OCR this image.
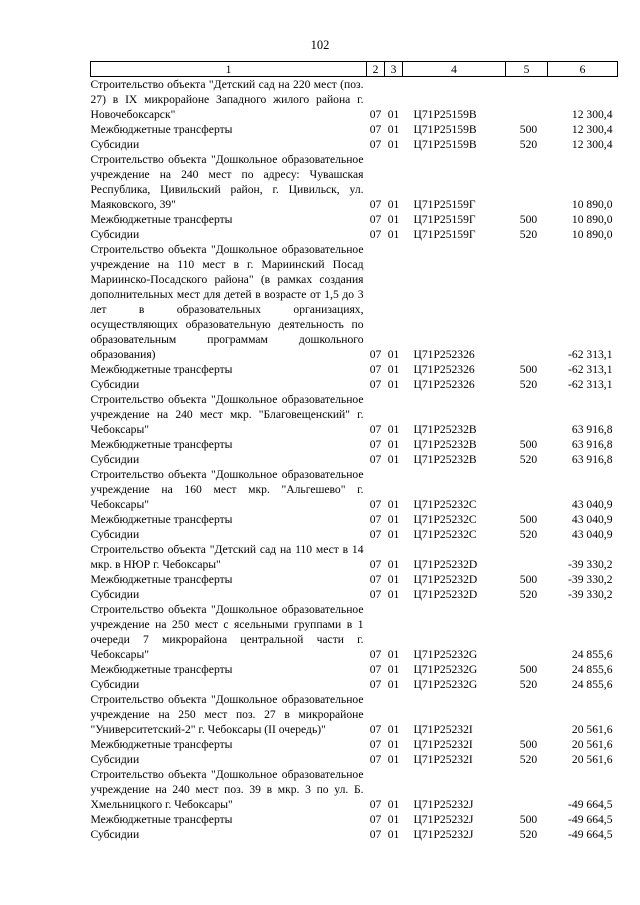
102
1	2	3	4	5	6
Строительство объекта "Детский сад на 220 мест (поз. 27) в IX микрорайоне Западного жилого района г. Новочебоксарск"	07	01	Ц71Р25159В		12 300,4
Межбюджетные трансферты	07	01	Ц71Р25159В	500	12 300,4
Субсидии	07	01	Ц71Р25159В	520	12 300,4
Строительство объекта "Дошкольное образовательное учреждение на 240 мест по адресу: Чувашская Республика, Цивильский район, г. Цивильск, ул. Маяковского, 39"	07	01	Ц71Р25159Г		10 890,0
Межбюджетные трансферты	07	01	Ц71Р25159Г	500	10 890,0
Субсидии	07	01	Ц71Р25159Г	520	10 890,0
Строительство объекта "Дошкольное образовательное учреждение на 110 мест в г. Мариинский Посад Мариинско-Посадского района" (в рамках создания дополнительных мест для детей в возрасте от 1,5 до 3 лет в образовательных организациях, осуществляющих образовательную деятельность по образовательным программам дошкольного образования)	07	01	Ц71Р252326		-62 313,1
Межбюджетные трансферты	07	01	Ц71Р252326	500	-62 313,1
Субсидии	07	01	Ц71Р252326	520	-62 313,1
Строительство объекта "Дошкольное образовательное учреждение на 240 мест мкр. "Благовещенский" г. Чебоксары"	07	01	Ц71Р25232В		63 916,8
Межбюджетные трансферты	07	01	Ц71Р25232В	500	63 916,8
Субсидии	07	01	Ц71Р25232В	520	63 916,8
Строительство объекта "Дошкольное образовательное учреждение на 160 мест мкр. "Альгешево" г. Чебоксары"	07	01	Ц71Р25232С		43 040,9
Межбюджетные трансферты	07	01	Ц71Р25232С	500	43 040,9
Субсидии	07	01	Ц71Р25232С	520	43 040,9
Строительство объекта "Детский сад на 110 мест в 14 мкр. в НЮР г. Чебоксары"	07	01	Ц71Р25232D		-39 330,2
Межбюджетные трансферты	07	01	Ц71Р25232D	500	-39 330,2
Субсидии	07	01	Ц71Р25232D	520	-39 330,2
Строительство объекта "Дошкольное образовательное учреждение на 250 мест с ясельными группами в 1 очереди 7 микрорайона центральной части г. Чебоксары"	07	01	Ц71Р25232G		24 855,6
Межбюджетные трансферты	07	01	Ц71Р25232G	500	24 855,6
Субсидии	07	01	Ц71Р25232G	520	24 855,6
Строительство объекта "Дошкольное образовательное учреждение на 250 мест поз. 27 в микрорайоне "Университетский-2" г. Чебоксары (II очередь)"	07	01	Ц71Р25232I		20 561,6
Межбюджетные трансферты	07	01	Ц71Р25232I	500	20 561,6
Субсидии	07	01	Ц71Р25232I	520	20 561,6
Строительство объекта "Дошкольное образовательное учреждение на 240 мест поз. 39 в мкр. 3 по ул. Б. Хмельницкого г. Чебоксары"	07	01	Ц71Р25232J		-49 664,5
Межбюджетные трансферты	07	01	Ц71Р25232J	500	-49 664,5
Субсидии	07	01	Ц71Р25232J	520	-49 664,5
